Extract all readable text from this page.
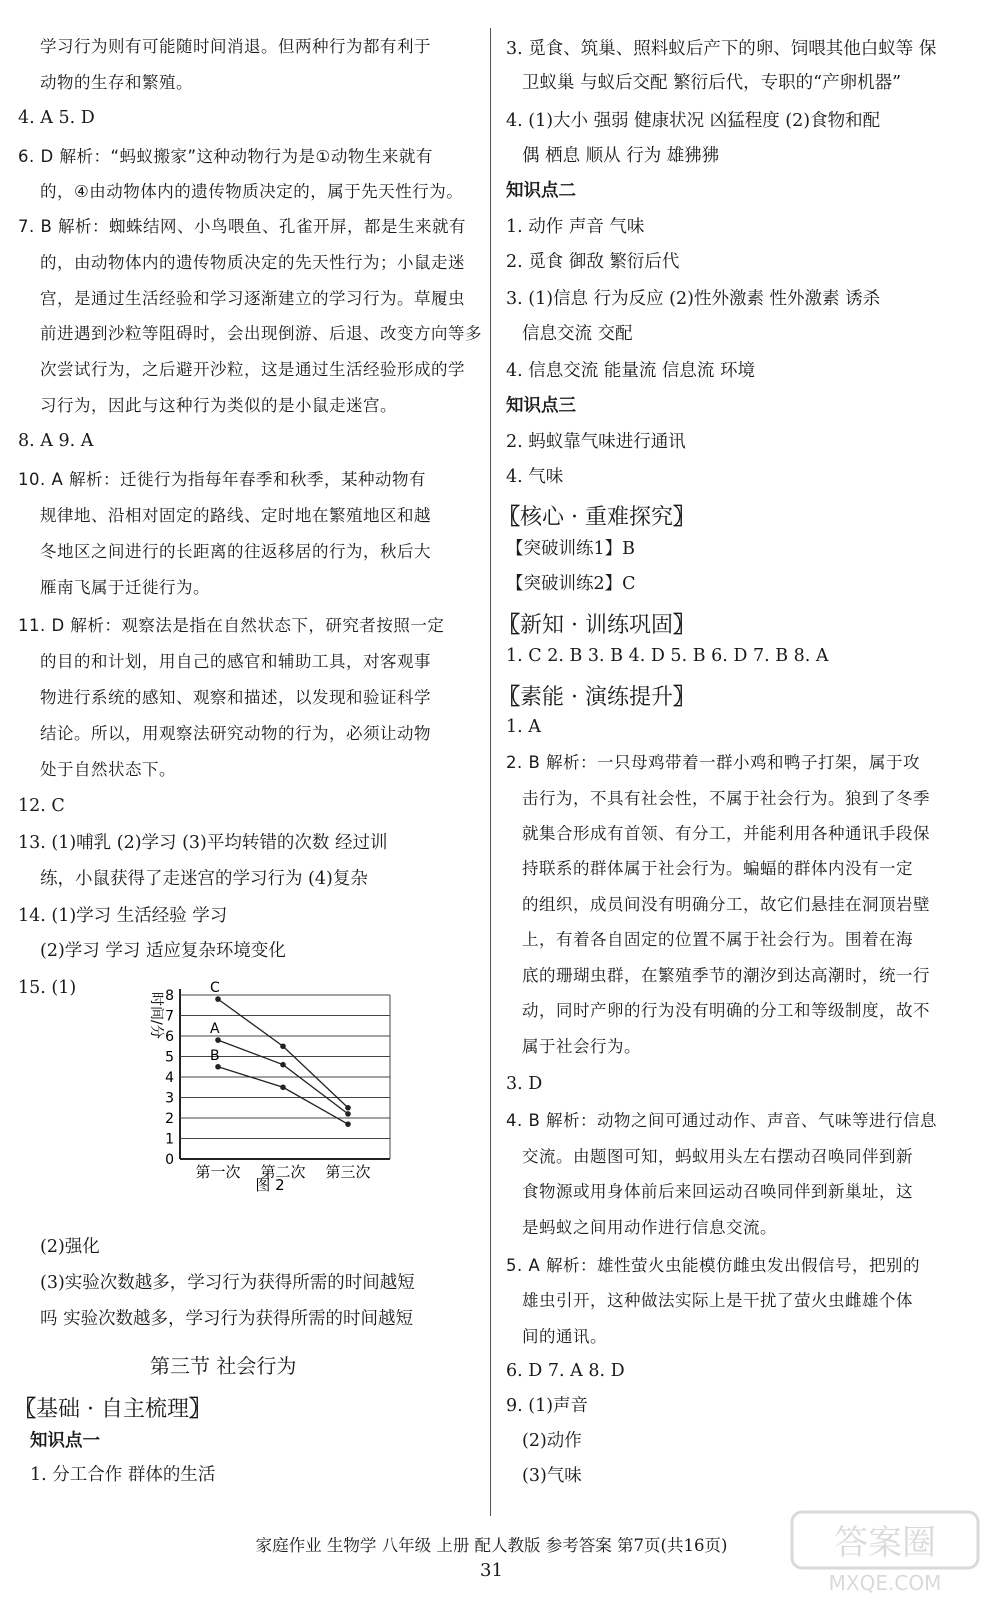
学习行为则有可能随时间消退。但两种行为都有利于
动物的生存和繁殖。
4. A 5. D
6. D 解析：“蚂蚁搬家”这种动物行为是①动物生来就有
的，④由动物体内的遗传物质决定的，属于先天性行为。
7. B 解析：蜘蛛结网、小鸟喂鱼、孔雀开屏，都是生来就有
的，由动物体内的遗传物质决定的先天性行为；小鼠走迷
宫，是通过生活经验和学习逐渐建立的学习行为。草履虫
前进遇到沙粒等阻碍时，会出现倒游、后退、改变方向等多
次尝试行为，之后避开沙粒，这是通过生活经验形成的学
习行为，因此与这种行为类似的是小鼠走迷宫。
8. A 9. A
10. A 解析：迁徙行为指每年春季和秋季，某种动物有
规律地、沿相对固定的路线、定时地在繁殖地区和越
冬地区之间进行的长距离的往返移居的行为，秋后大
雁南飞属于迁徙行为。
11. D 解析：观察法是指在自然状态下，研究者按照一定
的目的和计划，用自己的感官和辅助工具，对客观事
物进行系统的感知、观察和描述，以发现和验证科学
结论。所以，用观察法研究动物的行为，必须让动物
处于自然状态下。
12. C
13. (1)哺乳 (2)学习 (3)平均转错的次数 经过训
练，小鼠获得了走迷宫的学习行为 (4)复杂
14. (1)学习 生活经验 学习
(2)学习 学习 适应复杂环境变化
15. (1)
(2)强化
(3)实验次数越多，学习行为获得所需的时间越短
吗 实验次数越多，学习行为获得所需的时间越短
第三节 社会行为
〖基础 · 自主梳理〗
知识点一
1. 分工合作 群体的生活
3. 觅食、筑巢、照料蚁后产下的卵、饲喂其他白蚁等 保
卫蚁巢 与蚁后交配 繁衍后代，专职的“产卵机器”
4. (1)大小 强弱 健康状况 凶猛程度 (2)食物和配
偶 栖息 顺从 行为 雄狒狒
知识点二
1. 动作 声音 气味
2. 觅食 御敌 繁衍后代
3. (1)信息 行为反应 (2)性外激素 性外激素 诱杀
信息交流 交配
4. 信息交流 能量流 信息流 环境
知识点三
2. 蚂蚁靠气味进行通讯
4. 气味
〖核心 · 重难探究〗
【突破训练1】B
【突破训练2】C
〖新知 · 训练巩固〗
1. C 2. B 3. B 4. D 5. B 6. D 7. B 8. A
〖素能 · 演练提升〗
1. A
2. B 解析：一只母鸡带着一群小鸡和鸭子打架，属于攻
击行为，不具有社会性，不属于社会行为。狼到了冬季
就集合形成有首领、有分工，并能利用各种通讯手段保
持联系的群体属于社会行为。蝙蝠的群体内没有一定
的组织，成员间没有明确分工，故它们悬挂在洞顶岩壁
上，有着各自固定的位置不属于社会行为。围着在海
底的珊瑚虫群，在繁殖季节的潮汐到达高潮时，统一行
动，同时产卵的行为没有明确的分工和等级制度，故不
属于社会行为。
3. D
4. B 解析：动物之间可通过动作、声音、气味等进行信息
交流。由题图可知，蚂蚁用头左右摆动召唤同伴到新
食物源或用身体前后来回运动召唤同伴到新巢址，这
是蚂蚁之间用动作进行信息交流。
5. A 解析：雄性萤火虫能模仿雌虫发出假信号，把别的
雄虫引开，这种做法实际上是干扰了萤火虫雌雄个体
间的通讯。
6. D 7. A 8. D
9. (1)声音
(2)动作
(3)气味
时间/分
0
1
2
3
4
5
6
7
8	C
A
B
第一次 第二次 第三次
图 2
家庭作业 生物学 八年级 上册 配人教版 参考答案 第7页(共16页)
31
答案圈
MXQE.COM
